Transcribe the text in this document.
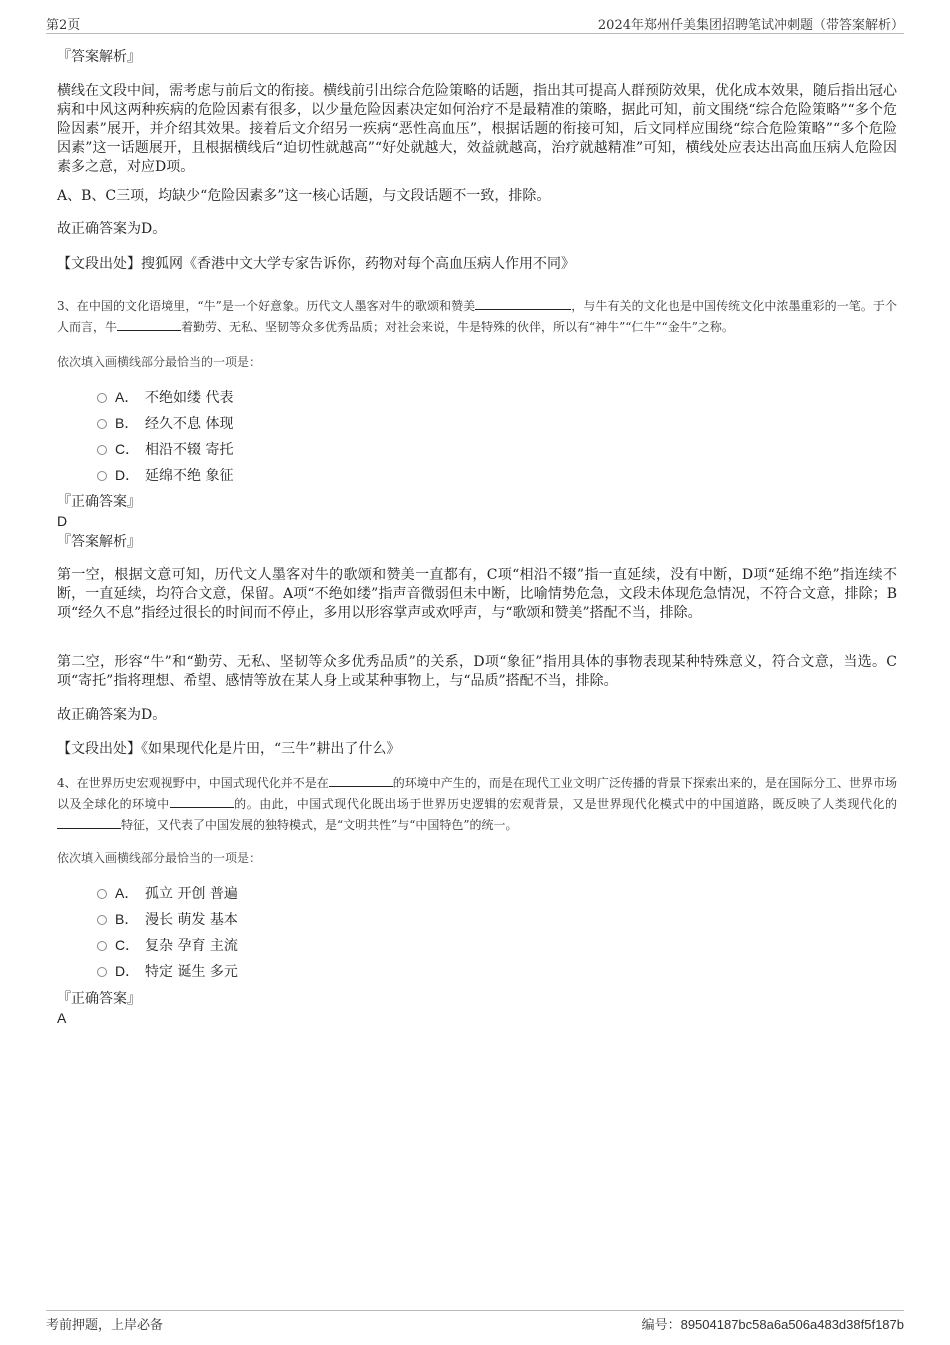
第2页	2024年郑州仟美集团招聘笔试冲刺题（带答案解析）

『答案解析』

横线在文段中间，需考虑与前后文的衔接。横线前引出综合危险策略的话题，指出其可提高人群预防效果，优化成本效果，随后指出冠心病和中风这两种疾病的危险因素有很多，以少量危险因素决定如何治疗不是最精准的策略，据此可知，前文围绕“综合危险策略”“多个危险因素”展开，并介绍其效果。接着后文介绍另一疾病“恶性高血压”，根据话题的衔接可知，后文同样应围绕“综合危险策略”“多个危险因素”这一话题展开，且根据横线后“迫切性就越高”“好处就越大，效益就越高，治疗就越精准”可知，横线处应表达出高血压病人危险因素多之意，对应D项。

A、B、C三项，均缺少“危险因素多”这一核心话题，与文段话题不一致，排除。

故正确答案为D。

【文段出处】搜狐网《香港中文大学专家告诉你，药物对每个高血压病人作用不同》

3、在中国的文化语境里，“牛”是一个好意象。历代文人墨客对牛的歌颂和赞美	，与牛有关的文化也是中国传统文化中浓墨重彩的一笔。于个人而言，牛	着勤劳、无私、坚韧等众多优秀品质；对社会来说，牛是特殊的伙伴，所以有“神牛”“仁牛”“金牛”之称。

依次填入画横线部分最恰当的一项是：

A． 不绝如缕 代表
B． 经久不息 体现
C． 相沿不辍 寄托
D． 延绵不绝 象征

『正确答案』

D

『答案解析』

第一空，根据文意可知，历代文人墨客对牛的歌颂和赞美一直都有，C项“相沿不辍”指一直延续，没有中断，D项“延绵不绝”指连续不断，一直延续，均符合文意，保留。A项“不绝如缕”指声音微弱但未中断，比喻情势危急，文段未体现危急情况，不符合文意，排除；B项“经久不息”指经过很长的时间而不停止，多用以形容掌声或欢呼声，与“歌颂和赞美”搭配不当，排除。

第二空，形容“牛”和“勤劳、无私、坚韧等众多优秀品质”的关系，D项“象征”指用具体的事物表现某种特殊意义，符合文意，当选。C项“寄托”指将理想、希望、感情等放在某人身上或某种事物上，与“品质”搭配不当，排除。

故正确答案为D。

【文段出处】《如果现代化是片田，“三牛”耕出了什么》

4、在世界历史宏观视野中，中国式现代化并不是在	的环境中产生的，而是在现代工业文明广泛传播的背景下探索出来的，是在国际分工、世界市场以及全球化的环境中	的。由此，中国式现代化既出场于世界历史逻辑的宏观背景，又是世界现代化模式中的中国道路，既反映了人类现代化的特征，又代表了中国发展的独特模式，是“文明共性”与“中国特色”的统一。

依次填入画横线部分最恰当的一项是：

A． 孤立 开创 普遍
B． 漫长 萌发 基本
C． 复杂 孕育 主流
D． 特定 诞生 多元

『正确答案』

A

考前押题，上岸必备	编号：89504187bc58a6a506a483d38f5f187b
